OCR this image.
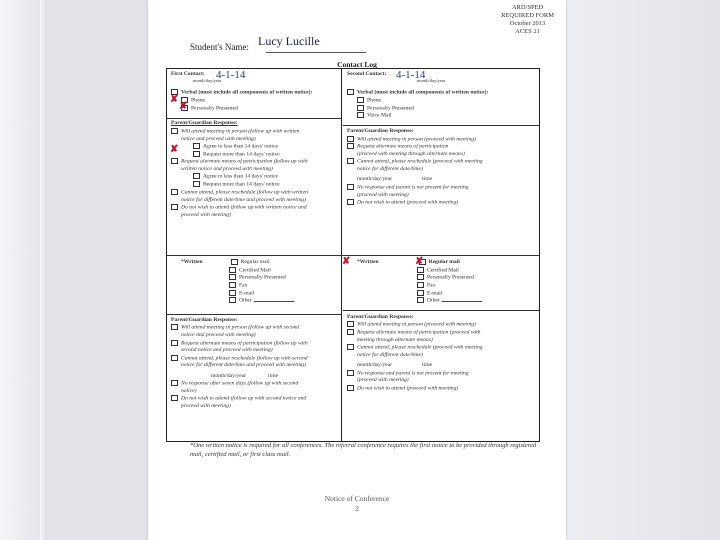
ARD/SPED
REQUIRED FORM
October 2013
ACES 21
Student's Name: Lucy Lucille
Contact Log
First Contact:
month/day/year
Verbal (must include all components of written notice):
Phone
Personally Presented
Parent/Guardian Response:
Will attend meeting in person (follow up with written
notice and proceed with meeting)
Agree to less than 14 days' notice
Request more than 14 days' notice
Request alternate means of participation (follow up with
written notice and proceed with meeting)
Agree to less than 14 days' notice
Request more than 14 days' notice
Cannot attend, please reschedule (follow up with written
notice for different date/time and proceed with meeting)
Do not wish to attend (follow up with written notice and
proceed with meeting)
Second Contact:
month/day/year
Verbal (must include all components of written notice):
Phone
Personally Presented
Voice Mail
Parent/Guardian Response:
Will attend meeting in person (proceed with meeting)
Request alternate means of participation
(proceed with meeting through alternate means)
Cannot attend, please reschedule (proceed with meeting
notice for different date/time)
month/day/year	time
No response and parent is not present for meeting
(proceed with meeting)
Do not wish to attend (proceed with meeting)
*Written	Regular mail
Certified Mail
Personally Presented
Fax
E-mail
Other
*Written	Regular mail
Certified Mail
Personally Presented
Fax
E-mail
Other
Parent/Guardian Response:
Will attend meeting in person (follow up with second
notice and proceed with meeting)
Request alternate means of participation (follow up with
second notice and proceed with meeting)
Cannot attend, please reschedule (follow up with second
notice for different date/time and proceed with meeting)
month/day/year	time
No response after seven days (follow up with second
notice)
Do not wish to attend (follow up with second notice and
proceed with meeting)
Parent/Guardian Response:
Will attend meeting in person (proceed with meeting)
Request alternate means of participation (proceed with
meeting through alternate means)
Cannot attend, please reschedule (proceed with meeting
notice for different date/time)
month/day/year	time
No response and parent is not present for meeting
(proceed with meeting)
Do not wish to attend (proceed with meeting)
4-1-14	4-1-14
✘
✘
✘
✘	✘
*One written notice is required for all conferences. The referral conference requires the first notice to be provided through registered mail, certified mail, or first class mail.
Notice of Conference
2
